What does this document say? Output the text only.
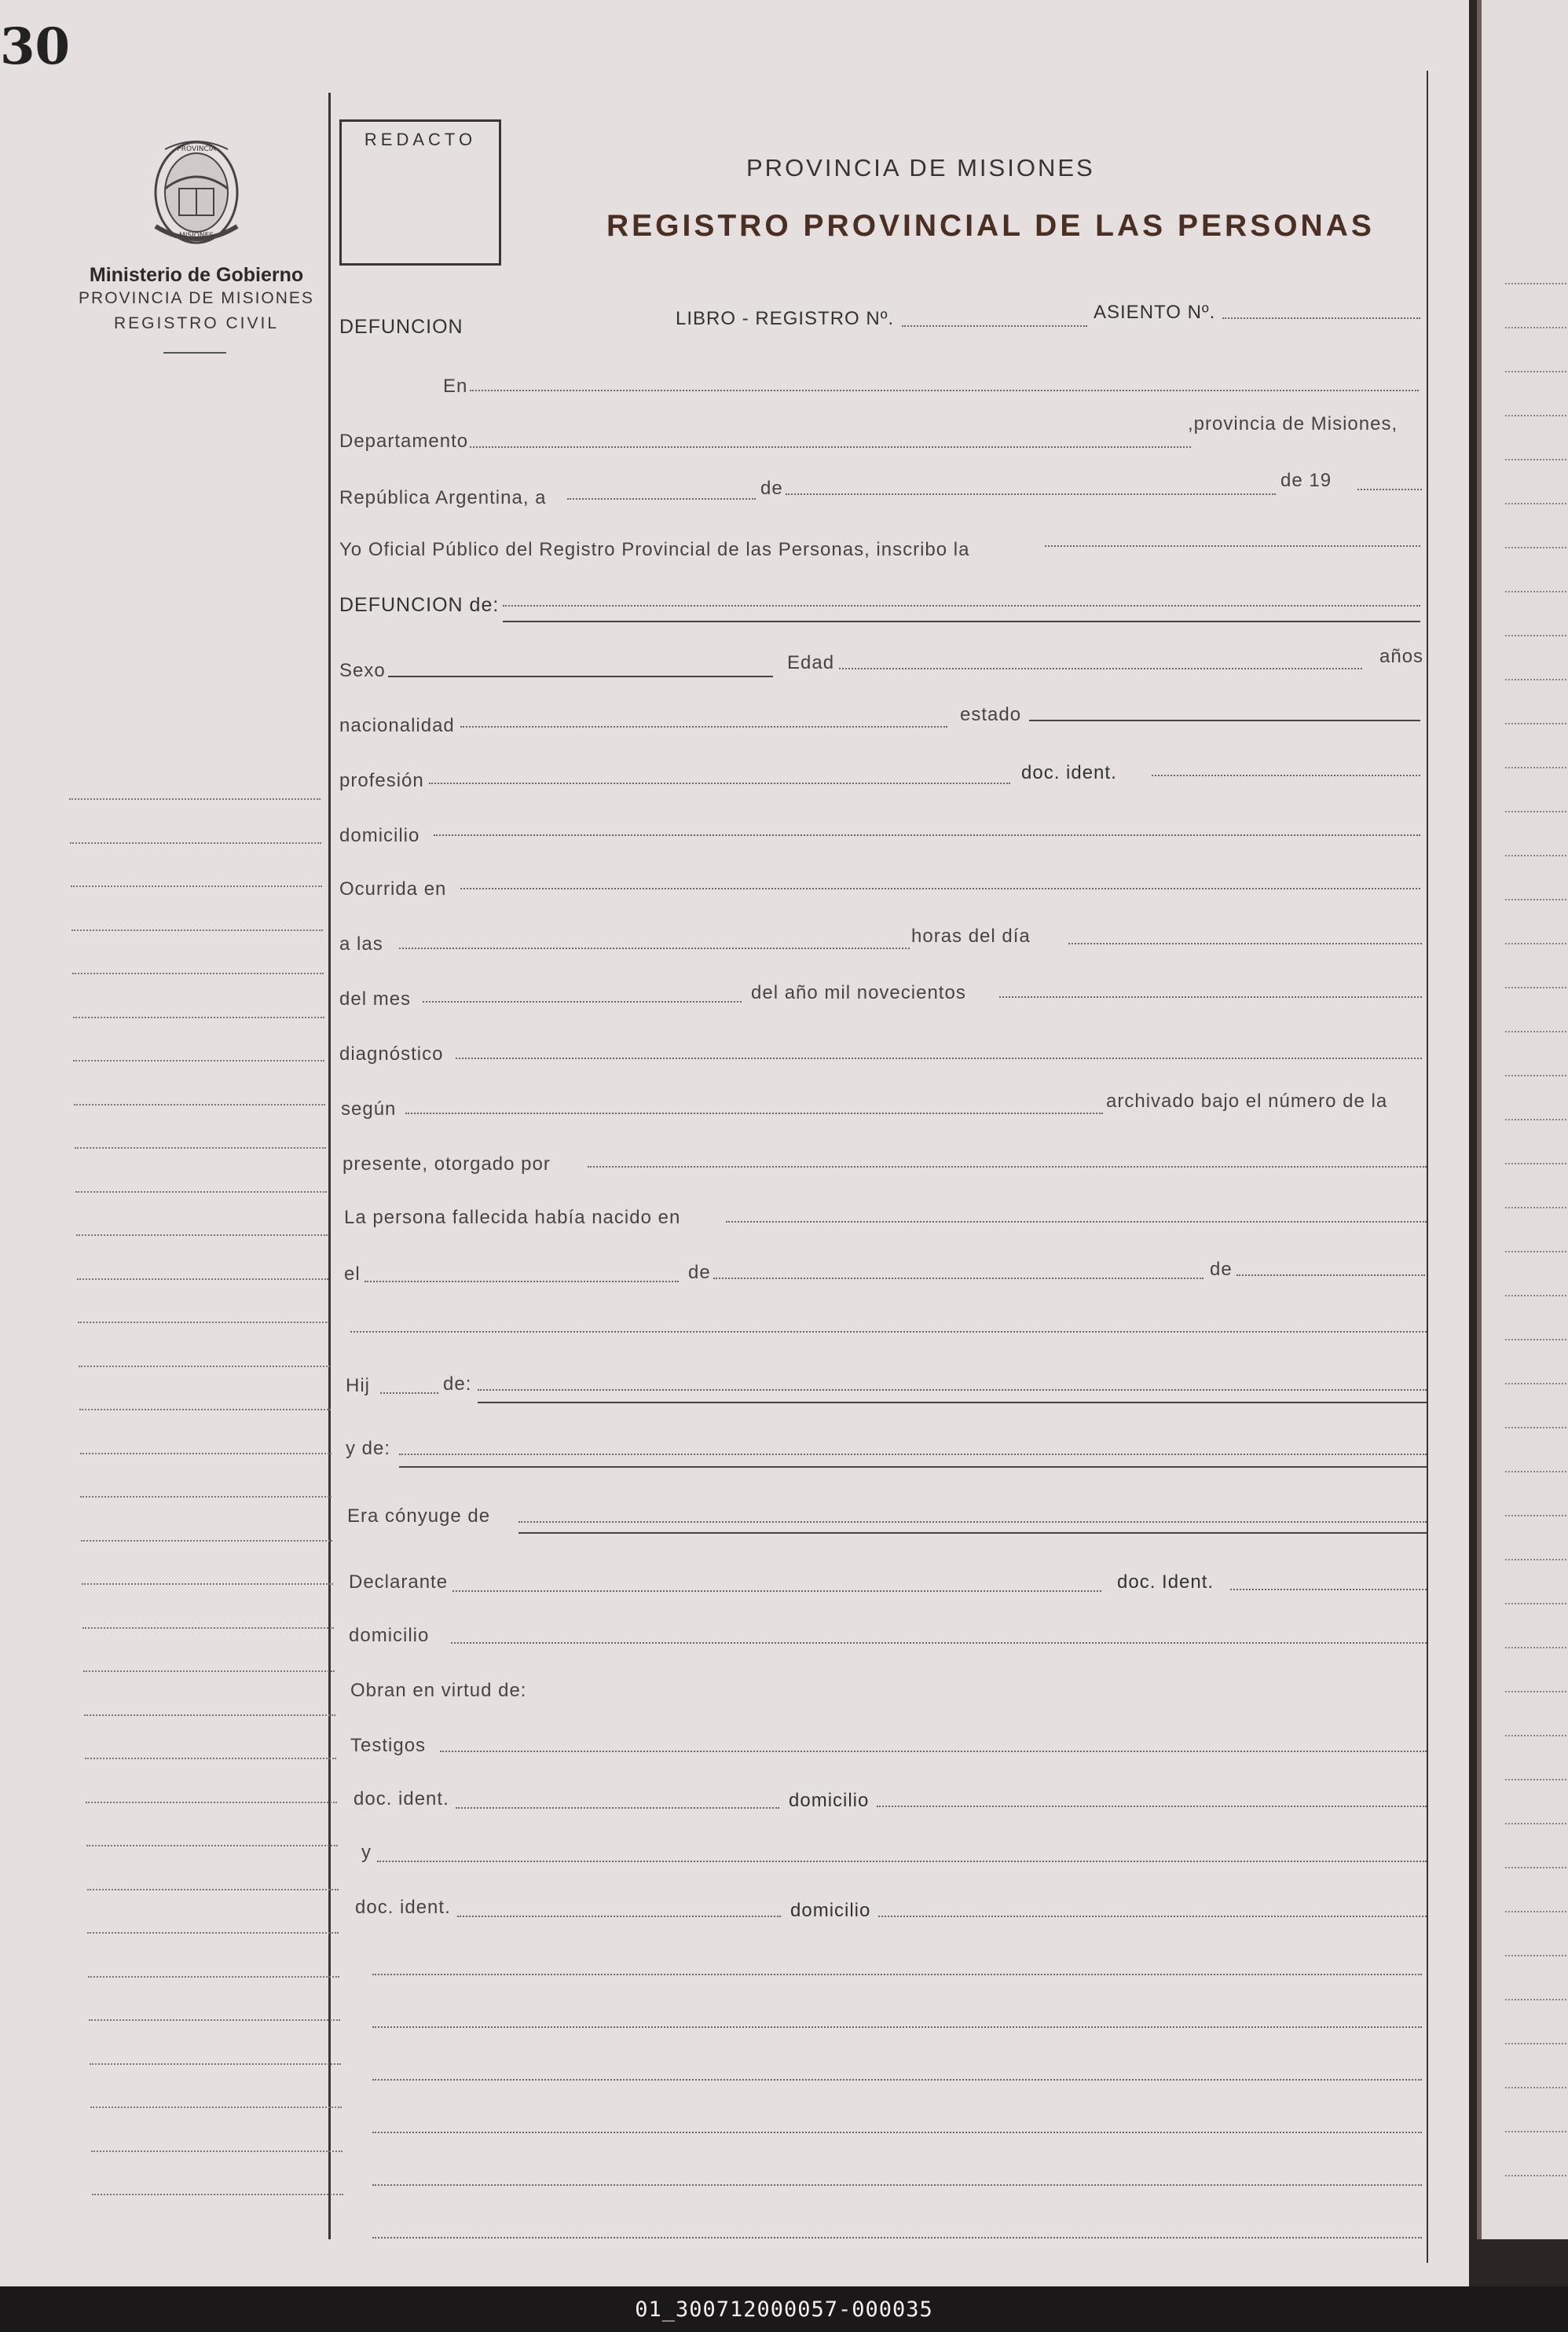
30
PROVINCIA
MISIONES
Ministerio de Gobierno
PROVINCIA DE MISIONES
REGISTRO CIVIL
REDACTO
PROVINCIA DE MISIONES
REGISTRO PROVINCIAL DE LAS PERSONAS
DEFUNCION	LIBRO - REGISTRO Nº.	ASIENTO Nº.
En
Departamento
,provincia de Misiones,
República Argentina, a	de	de 19
Yo Oficial Público del Registro Provincial de las Personas, inscribo la
DEFUNCION de:
Sexo	Edad	años
nacionalidad
estado
profesión	doc. ident.
domicilio
Ocurrida en
a las	horas del día
del mes	del año mil novecientos
diagnóstico
según	archivado bajo el número de la
presente, otorgado por
La persona fallecida había nacido en
el	de	de
Hij	de:
y de:
Era cónyuge de
Declarante	doc. Ident.
domicilio
Obran en virtud de:
Testigos
doc. ident.	domicilio
y
doc. ident.	domicilio
01_300712000057-000035
